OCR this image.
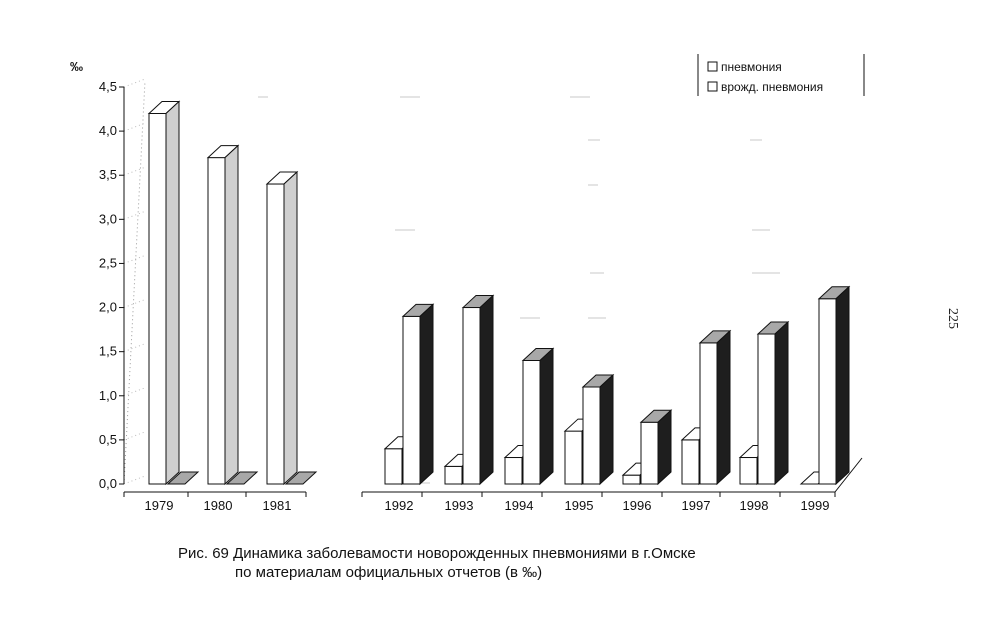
0,0
0,5
1,0
1,5
2,0
2,5
3,0
3,5
4,0
4,5
‰
1979 1980 1981	1992 1993 1994 1995 1996 1997 1998 1999
пневмония
врожд. пневмония
Рис. 69 Динамика заболевамости новорожденных пневмониями в г.Омске
по материалам официальных отчетов (в ‰)
225
